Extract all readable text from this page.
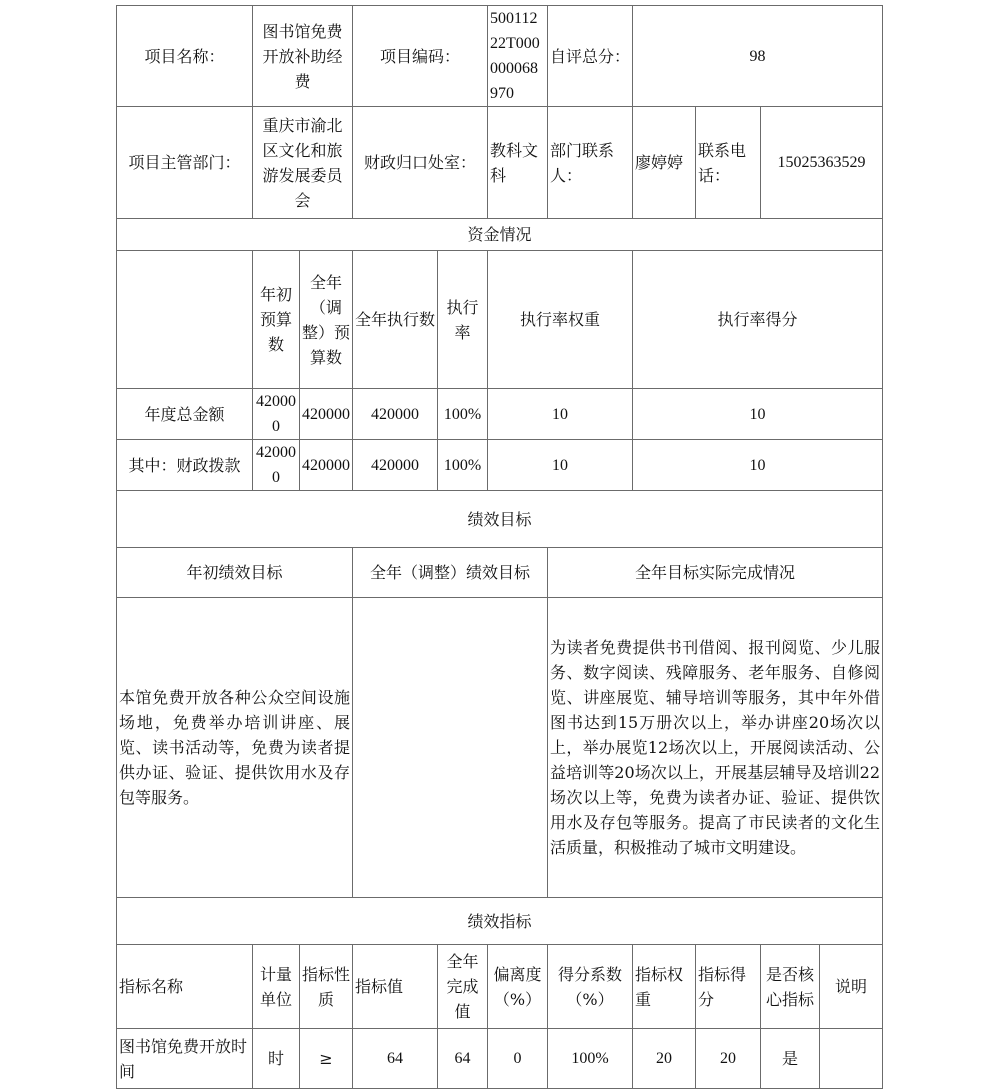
项目名称：	图书馆免费开放补助经费		项目编码：		50011222T000000068970	自评总分：	98			
项目主管部门：	重庆市渝北区文化和旅游发展委员会		财政归口处室：		教科文科	部门联系人：	廖婷婷	联系电话：	15025363529	
资金情况										
	年初预算数	全年（调整）预算数	全年执行数	执行率	执行率权重		执行率得分			
年度总金额	420000	420000	420000	100%	10		10			
其中：财政拨款	420000	420000	420000	100%	10		10			
绩效目标										
年初绩效目标			全年（调整）绩效目标			全年目标实际完成情况				
本馆免费开放各种公众空间设施场地，免费举办培训讲座、展览、读书活动等，免费为读者提供办证、验证、提供饮用水及存包等服务。						为读者免费提供书刊借阅、报刊阅览、少儿服务、数字阅读、残障服务、老年服务、自修阅览、讲座展览、辅导培训等服务，其中年外借图书达到15万册次以上，举办讲座20场次以上，举办展览12场次以上，开展阅读活动、公益培训等20场次以上，开展基层辅导及培训22场次以上等，免费为读者办证、验证、提供饮用水及存包等服务。提高了市民读者的文化生活质量，积极推动了城市文明建设。				
绩效指标										
指标名称	计量单位	指标性质	指标值	全年完成值	偏离度（%）	得分系数（%）	指标权重	指标得分	是否核心指标	说明
图书馆免费开放时间	时	≥	64	64	0	100%	20	20	是	
